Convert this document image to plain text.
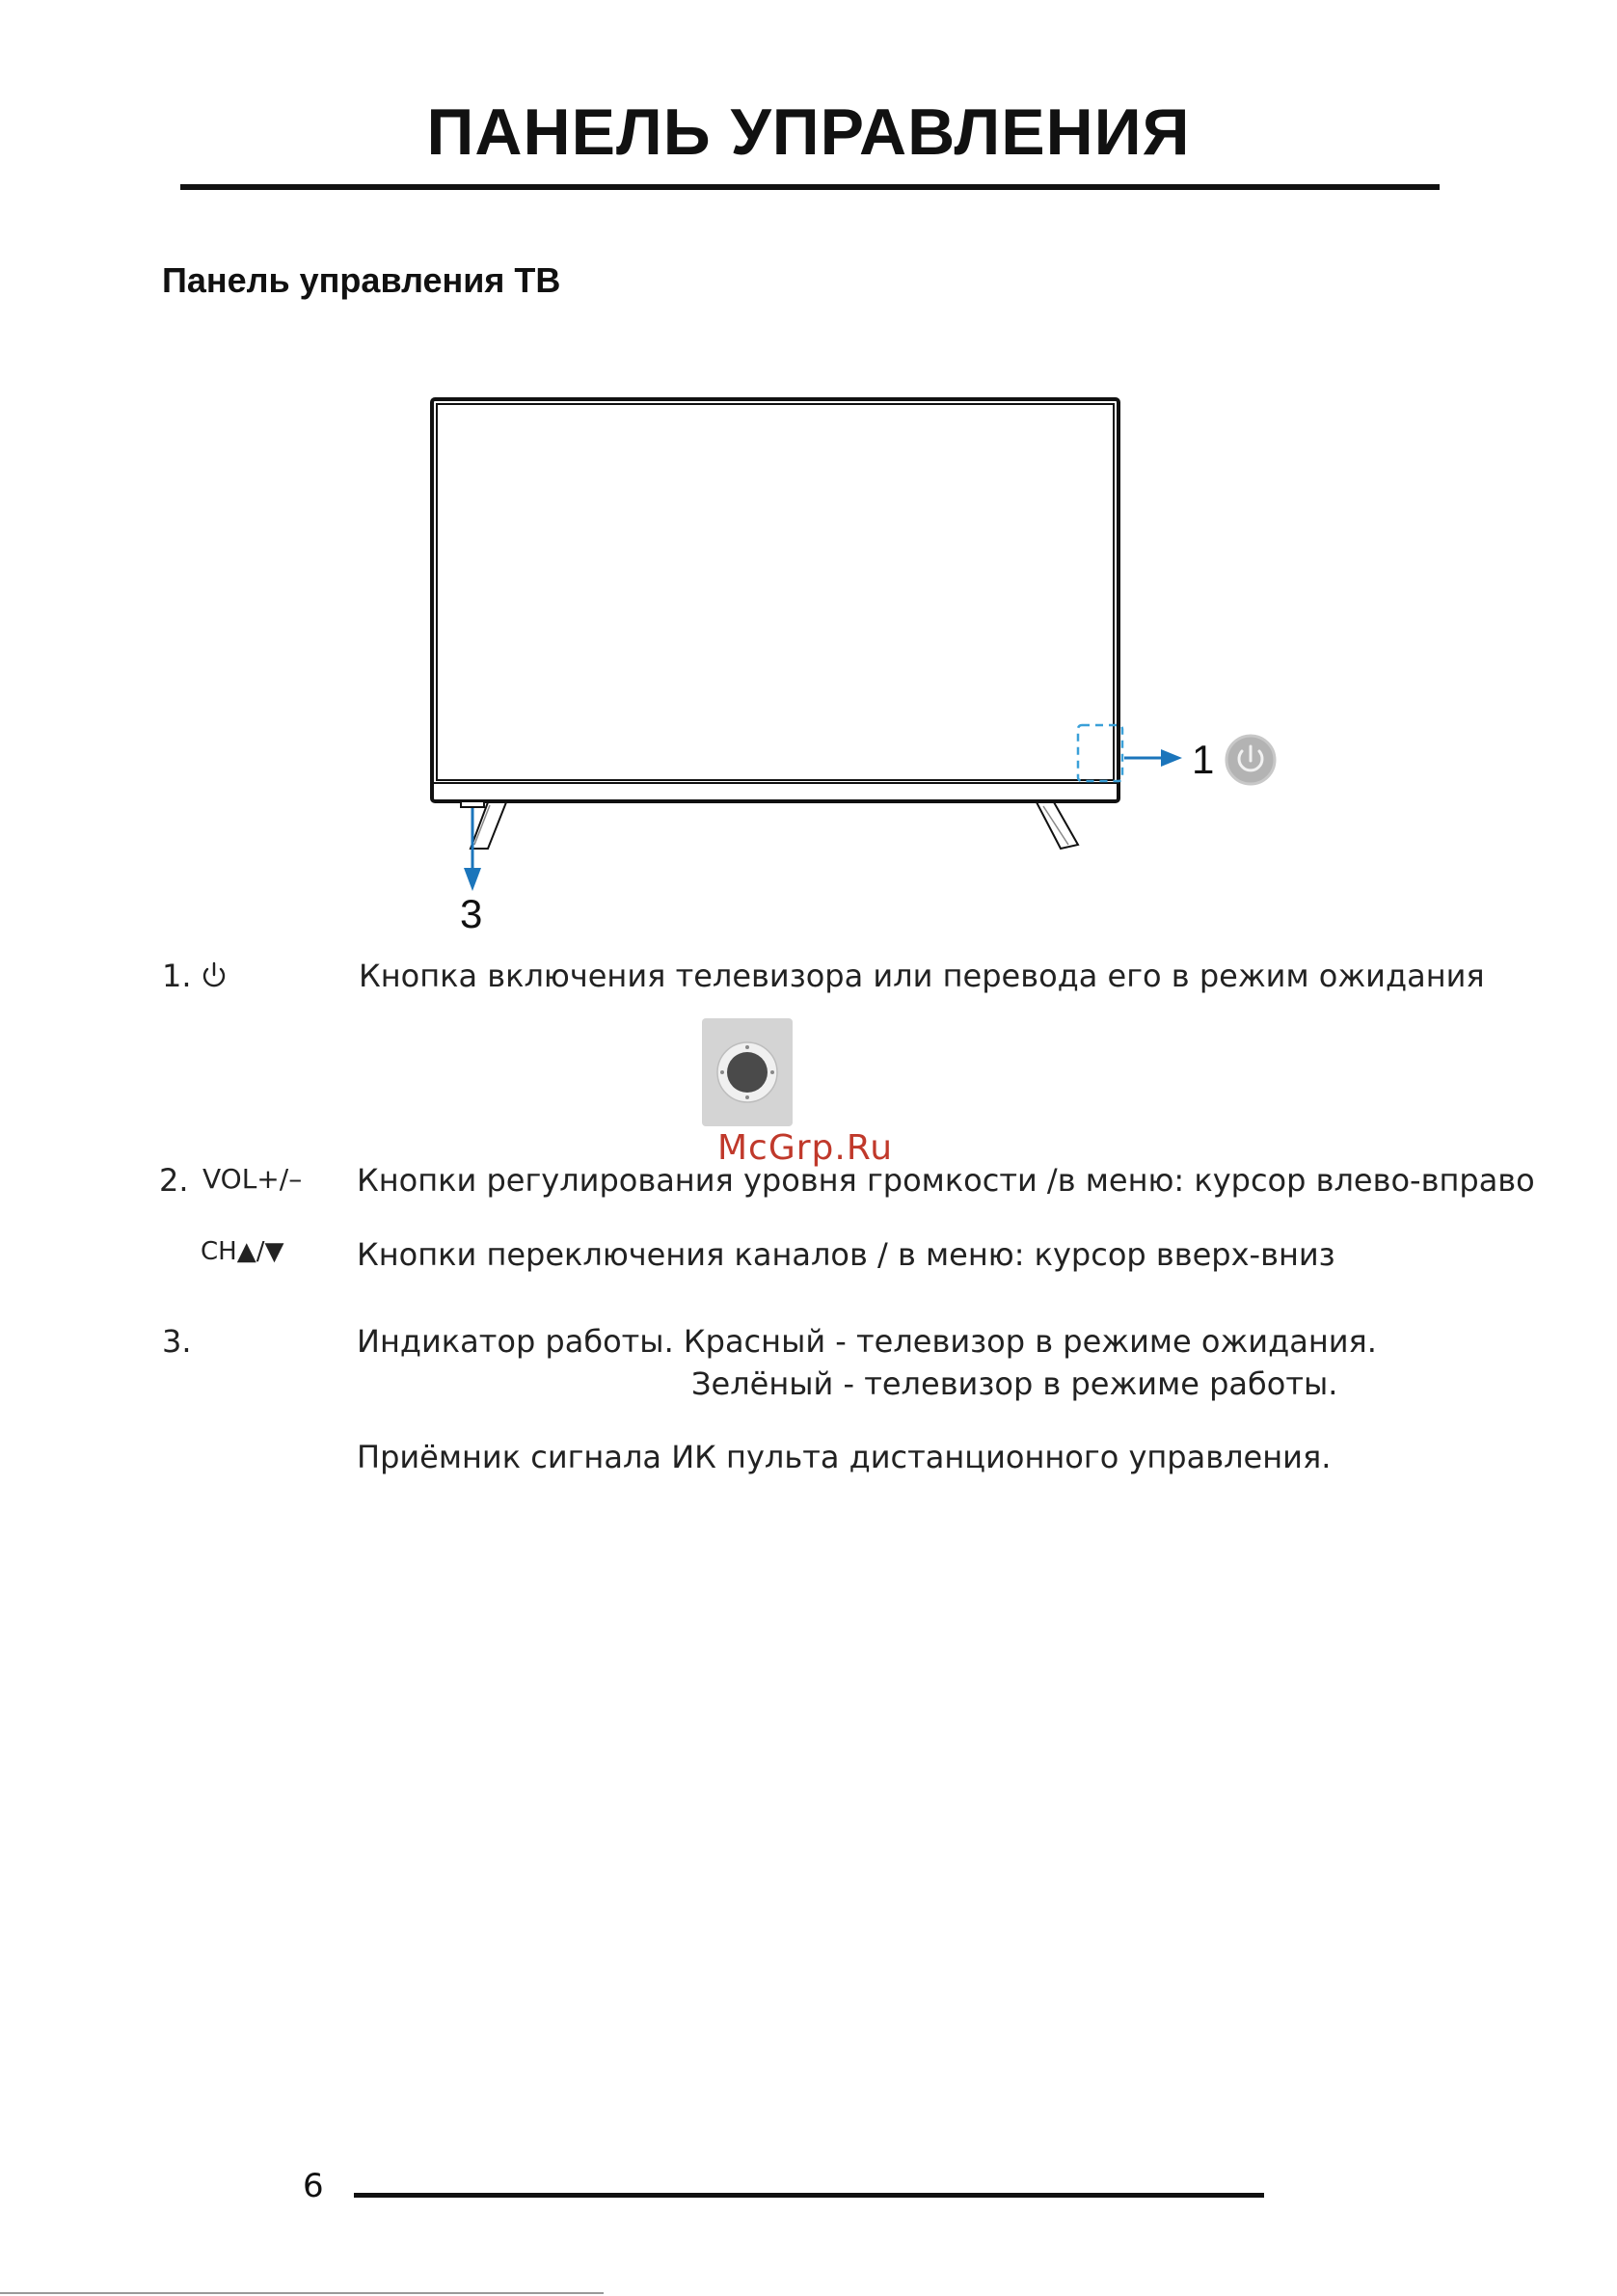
ПАНЕЛЬ УПРАВЛЕНИЯ
Панель управления ТВ
1
3
1.	Кнопка включения телевизора или перевода его в режим ожидания
McGrp.Ru
2. VOL+/– Кнопки регулирования уровня громкости /в меню: курсор влево-вправо
CH▲/▼ Кнопки переключения каналов / в меню: курсор вверх-вниз
3.	Индикатор работы. Красный - телевизор в режиме ожидания.
Зелёный - телевизор в режиме работы.
Приёмник сигнала ИК пульта дистанционного управления.
6
